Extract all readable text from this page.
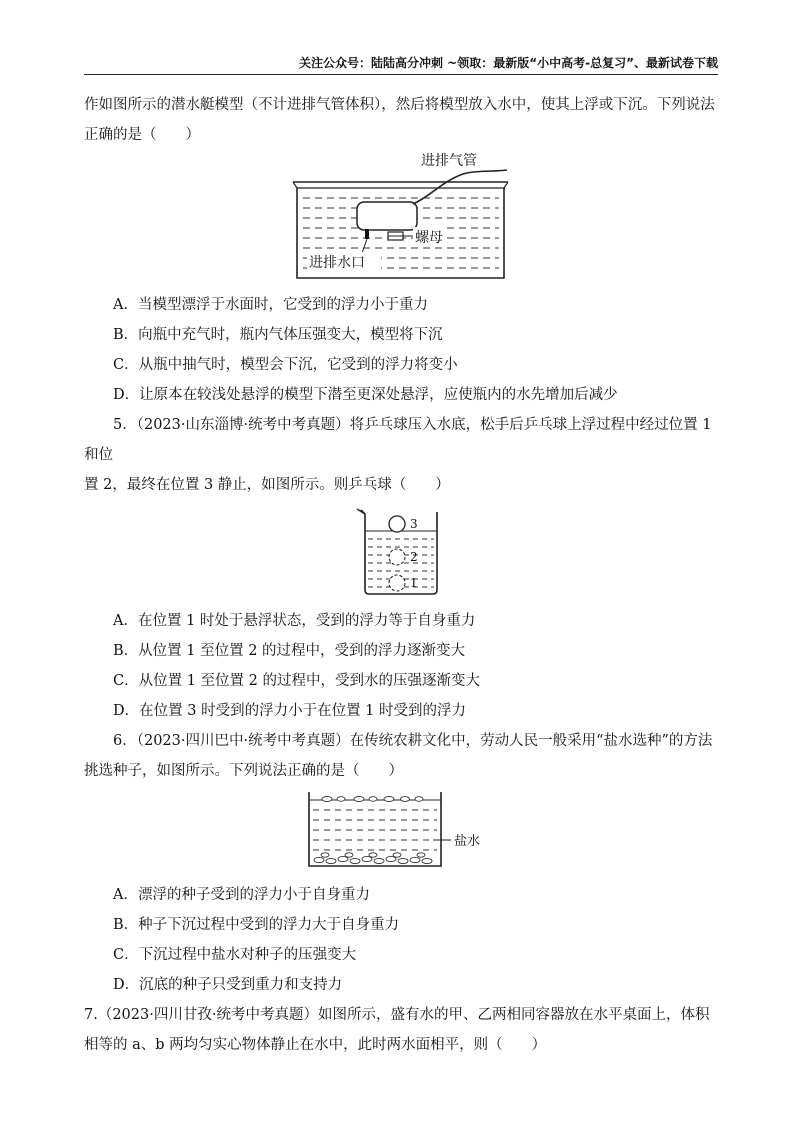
关注公众号：陆陆高分冲刺 ~领取：最新版“小中高考-总复习”、最新试卷下载

作如图所示的潜水艇模型（不计进排气管体积），然后将模型放入水中，使其上浮或下沉。下列说法

正确的是（　　）

进排气管
螺母
进排水口

A．当模型漂浮于水面时，它受到的浮力小于重力

B．向瓶中充气时，瓶内气体压强变大，模型将下沉

C．从瓶中抽气时，模型会下沉，它受到的浮力将变小

D．让原本在较浅处悬浮的模型下潜至更深处悬浮，应使瓶内的水先增加后减少

5．（2023·山东淄博·统考中考真题）将乒乓球压入水底，松手后乒乓球上浮过程中经过位置 1 和位

置 2，最终在位置 3 静止，如图所示。则乒乓球（　　）

3
2
1

A．在位置 1 时处于悬浮状态，受到的浮力等于自身重力

B．从位置 1 至位置 2 的过程中，受到的浮力逐渐变大

C．从位置 1 至位置 2 的过程中，受到水的压强逐渐变大

D．在位置 3 时受到的浮力小于在位置 1 时受到的浮力

6．（2023·四川巴中·统考中考真题）在传统农耕文化中，劳动人民一般采用“盐水选种”的方法

挑选种子，如图所示。下列说法正确的是（　　）

盐水

A．漂浮的种子受到的浮力小于自身重力

B．种子下沉过程中受到的浮力大于自身重力

C．下沉过程中盐水对种子的压强变大

D．沉底的种子只受到重力和支持力

7.（2023·四川甘孜·统考中考真题）如图所示，盛有水的甲、乙两相同容器放在水平桌面上，体积

相等的 a、b 两均匀实心物体静止在水中，此时两水面相平，则（　　）
